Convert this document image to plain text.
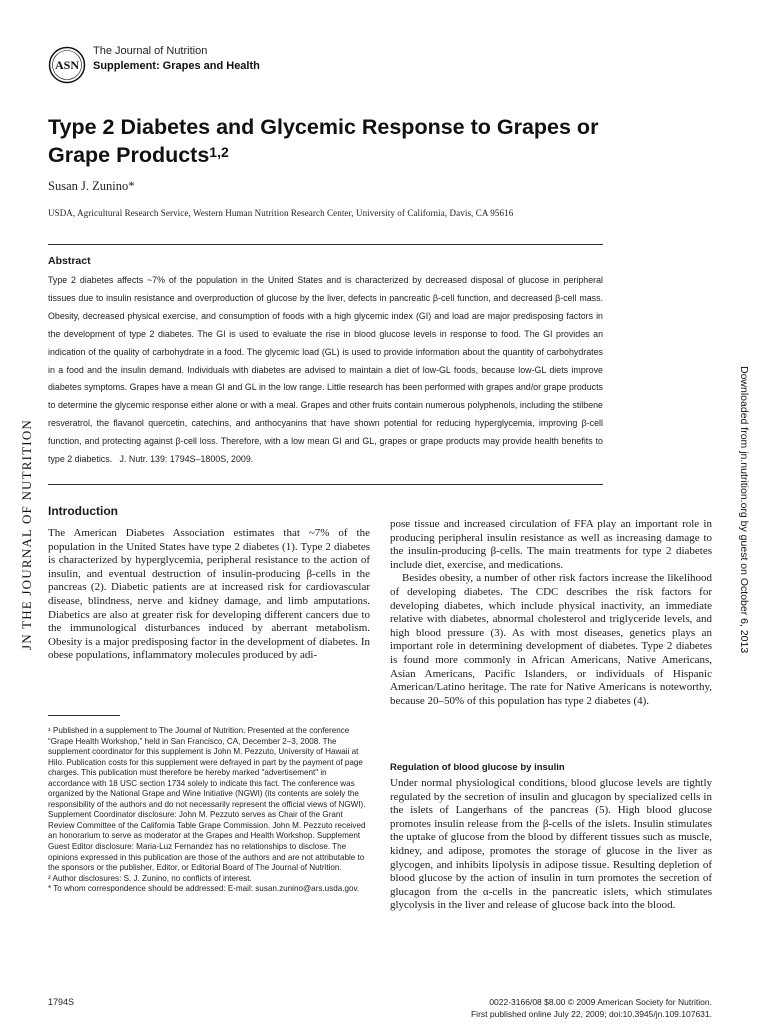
ASN
The Journal of Nutrition
Supplement: Grapes and Health
Type 2 Diabetes and Glycemic Response to Grapes or Grape Products$^{1,2}$
Susan J. Zunino*
USDA, Agricultural Research Service, Western Human Nutrition Research Center, University of California, Davis, CA 95616
Abstract
Type 2 diabetes affects ~7% of the population in the United States and is characterized by decreased disposal of glucose in peripheral tissues due to insulin resistance and overproduction of glucose by the liver, defects in pancreatic β-cell function, and decreased β-cell mass. Obesity, decreased physical exercise, and consumption of foods with a high glycemic index (GI) and load are major predisposing factors in the development of type 2 diabetes. The GI is used to evaluate the rise in blood glucose levels in response to food. The GI provides an indication of the quality of carbohydrate in a food. The glycemic load (GL) is used to provide information about the quantity of carbohydrates in a food and the insulin demand. Individuals with diabetes are advised to maintain a diet of low-GL foods, because low-GL diets improve diabetes symptoms. Grapes have a mean GI and GL in the low range. Little research has been performed with grapes and/or grape products to determine the glycemic response either alone or with a meal. Grapes and other fruits contain numerous polyphenols, including the stilbene resveratrol, the flavanol quercetin, catechins, and anthocyanins that have shown potential for reducing hyperglycemia, improving β-cell function, and protecting against β-cell loss. Therefore, with a low mean GI and GL, grapes or grape products may provide health benefits to type 2 diabetics. J. Nutr. 139: 1794S–1800S, 2009.
Introduction
The American Diabetes Association estimates that ~7% of the population in the United States have type 2 diabetes (1). Type 2 diabetes is characterized by hyperglycemia, peripheral resistance to the action of insulin, and eventual destruction of insulin-producing β-cells in the pancreas (2). Diabetic patients are at increased risk for cardiovascular disease, blindness, nerve and kidney damage, and limb amputations. Diabetics are also at greater risk for developing different cancers due to the immunological disturbances induced by aberrant metabolism. Obesity is a major predisposing factor in the development of diabetes. In obese populations, inflammatory molecules produced by adi-
pose tissue and increased circulation of FFA play an important role in producing peripheral insulin resistance as well as increasing damage to the insulin-producing β-cells. The main treatments for type 2 diabetes include diet, exercise, and medications.
Besides obesity, a number of other risk factors increase the likelihood of developing diabetes. The CDC describes the risk factors for developing diabetes, which include physical inactivity, an immediate relative with diabetes, abnormal cholesterol and triglyceride levels, and high blood pressure (3). As with most diseases, genetics plays an important role in determining development of diabetes. Type 2 diabetes is found more commonly in African Americans, Native Americans, Asian Americans, Pacific Islanders, or individuals of Hispanic American/Latino heritage. The rate for Native Americans is noteworthy, because 20–50% of this population has type 2 diabetes (4).
Regulation of blood glucose by insulin
Under normal physiological conditions, blood glucose levels are tightly regulated by the secretion of insulin and glucagon by specialized cells in the islets of Langerhans of the pancreas (5). High blood glucose promotes insulin release from the β-cells of the islets. Insulin stimulates the uptake of glucose from the blood by different tissues such as muscle, kidney, and adipose, promotes the storage of glucose in the liver as glycogen, and inhibits lipolysis in adipose tissue. Resulting depletion of blood glucose by the action of insulin in turn promotes the secretion of glucagon from the α-cells in the pancreatic islets, which stimulates glycolysis in the liver and release of glucose back into the blood.

¹ Published in a supplement to The Journal of Nutrition. Presented at the conference “Grape Health Workshop,” held in San Francisco, CA, December 2–3, 2008. The supplement coordinator for this supplement is John M. Pezzuto, University of Hawaii at Hilo. Publication costs for this supplement were defrayed in part by the payment of page charges. This publication must therefore be hereby marked "advertisement" in accordance with 18 USC section 1734 solely to indicate this fact. The conference was organized by the National Grape and Wine Initiative (NGWI) (its contents are solely the responsibility of the authors and do not necessarily represent the official views of NGWI). Supplement Coordinator disclosure: John M. Pezzuto serves as Chair of the Grant Review Committee of the California Table Grape Commission. John M. Pezzuto received an honorarium to serve as moderator at the Grapes and Health Workshop. Supplement Guest Editor disclosure: Maria-Luz Fernandez has no relationships to disclose. The opinions expressed in this publication are those of the authors and are not attributable to the sponsors or the publisher, Editor, or Editorial Board of The Journal of Nutrition.

² Author disclosures: S. J. Zunino, no conflicts of interest.

* To whom correspondence should be addressed: E-mail: susan.zunino@ars.usda.gov.

JN THE JOURNAL OF NUTRITION	Downloaded from jn.nutrition.org by guest on October 6, 2013
1794S	0022-3166/08 $8.00 © 2009 American Society for Nutrition.
First published online July 22, 2009; doi:10.3945/jn.109.107631.
